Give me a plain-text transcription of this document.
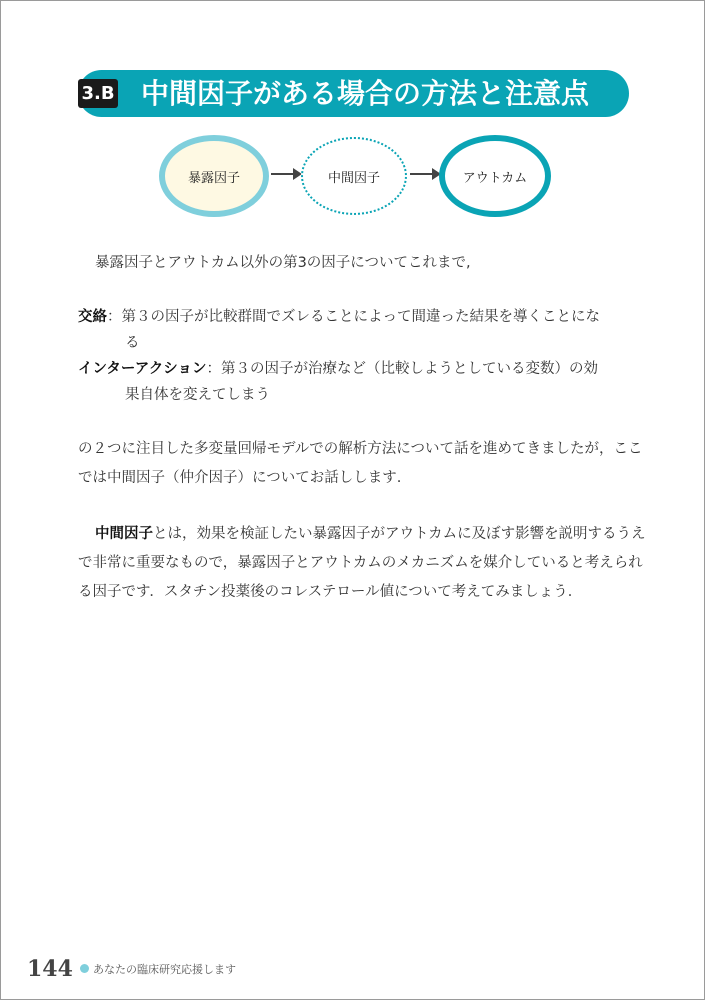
3.B 中間因子がある場合の方法と注意点
暴露因子	中間因子	アウトカム
暴露因子とアウトカム以外の第3の因子についてこれまで,
交絡：第３の因子が比較群間でズレることによって間違った結果を導くことにな
る
インターアクション：第３の因子が治療など（比較しようとしている変数）の効
果自体を変えてしまう
の２つに注目した多変量回帰モデルでの解析方法について話を進めてきましたが，ここ
では中間因子（仲介因子）についてお話しします.
中間因子とは，効果を検証したい暴露因子がアウトカムに及ぼす影響を説明するうえ
で非常に重要なもので，暴露因子とアウトカムのメカニズムを媒介していると考えられ
る因子です．スタチン投薬後のコレステロール値について考えてみましょう．
144 あなたの臨床研究応援します
